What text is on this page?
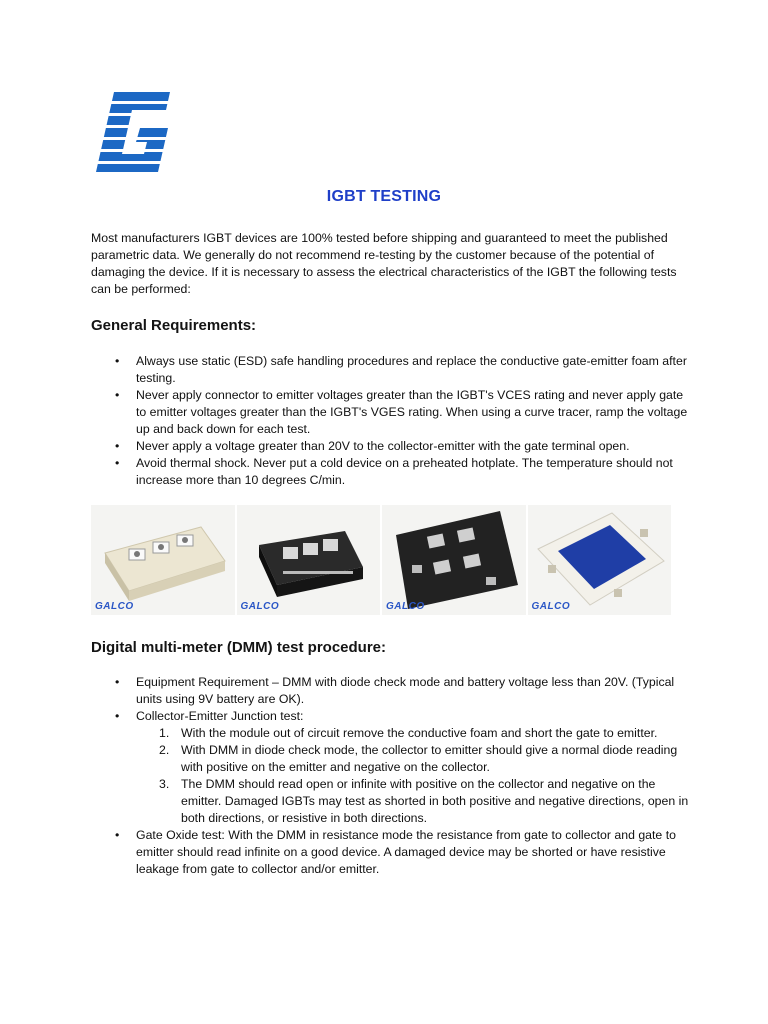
IGBT TESTING
Most manufacturers IGBT devices are 100% tested before shipping and guaranteed to meet the published parametric data. We generally do not recommend re-testing by the customer because of the potential of damaging the device. If it is necessary to assess the electrical characteristics of the IGBT the following tests can be performed:
General Requirements:
• Always use static (ESD) safe handling procedures and replace the conductive gate-emitter foam after testing.
• Never apply connector to emitter voltages greater than the IGBT's VCES rating and never apply gate to emitter voltages greater than the IGBT's VGES rating. When using a curve tracer, ramp the voltage up and back down for each test.
• Never apply a voltage greater than 20V to the collector-emitter with the gate terminal open.
• Avoid thermal shock. Never put a cold device on a preheated hotplate. The temperature should not increase more than 10 degrees C/min.
GALCO	GALCO	GALCO	GALCO
Digital multi-meter (DMM) test procedure:
• Equipment Requirement – DMM with diode check mode and battery voltage less than 20V. (Typical units using 9V battery are OK).
• Collector-Emitter Junction test:
1. With the module out of circuit remove the conductive foam and short the gate to emitter.
2. With DMM in diode check mode, the collector to emitter should give a normal diode reading with positive on the emitter and negative on the collector.
3. The DMM should read open or infinite with positive on the collector and negative on the emitter. Damaged IGBTs may test as shorted in both positive and negative directions, open in both directions, or resistive in both directions.
• Gate Oxide test: With the DMM in resistance mode the resistance from gate to collector and gate to emitter should read infinite on a good device. A damaged device may be shorted or have resistive leakage from gate to collector and/or emitter.
